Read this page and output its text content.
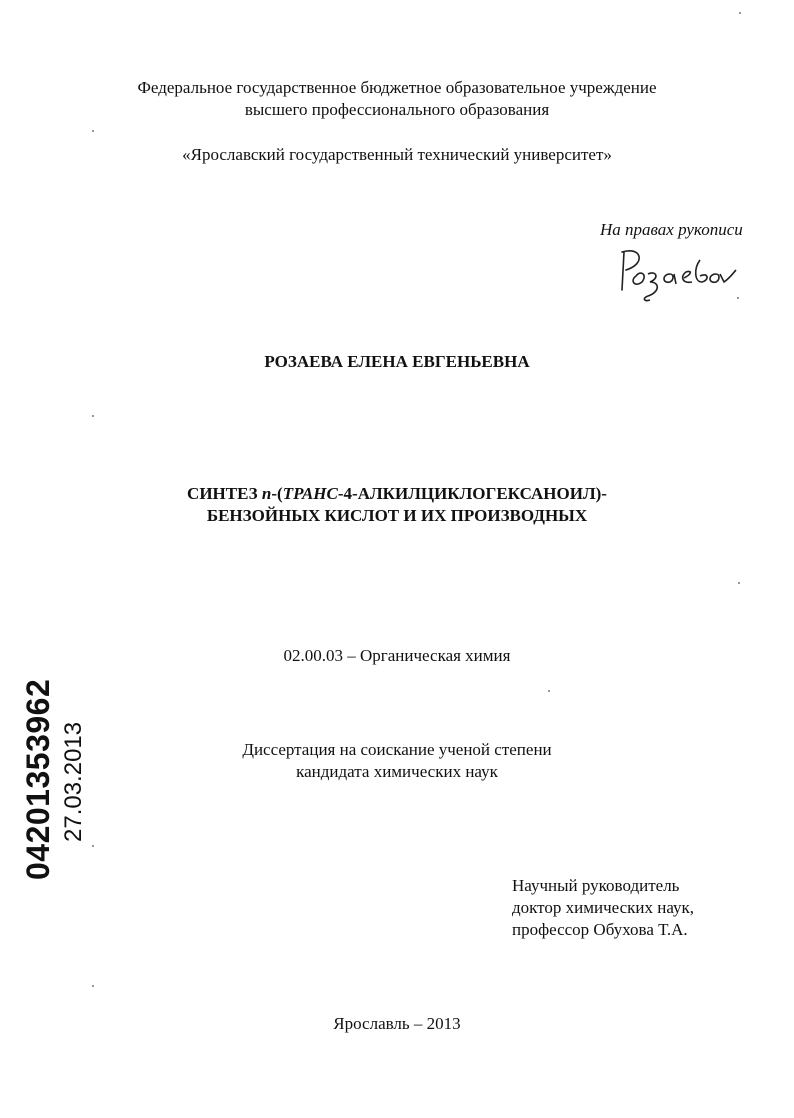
Федеральное государственное бюджетное образовательное учреждение
высшего профессионального образования
«Ярославский государственный технический университет»
На правах рукописи
РОЗАЕВА ЕЛЕНА ЕВГЕНЬЕВНА
СИНТЕЗ п-(ТРАНС-4-АЛКИЛЦИКЛОГЕКСАНОИЛ)-
БЕНЗОЙНЫХ КИСЛОТ И ИХ ПРОИЗВОДНЫХ
02.00.03 – Органическая химия
Диссертация на соискание ученой степени
кандидата химических наук
Научный руководитель
доктор химических наук,
профессор Обухова Т.А.
Ярославль – 2013
04201353962 27.03.2013
